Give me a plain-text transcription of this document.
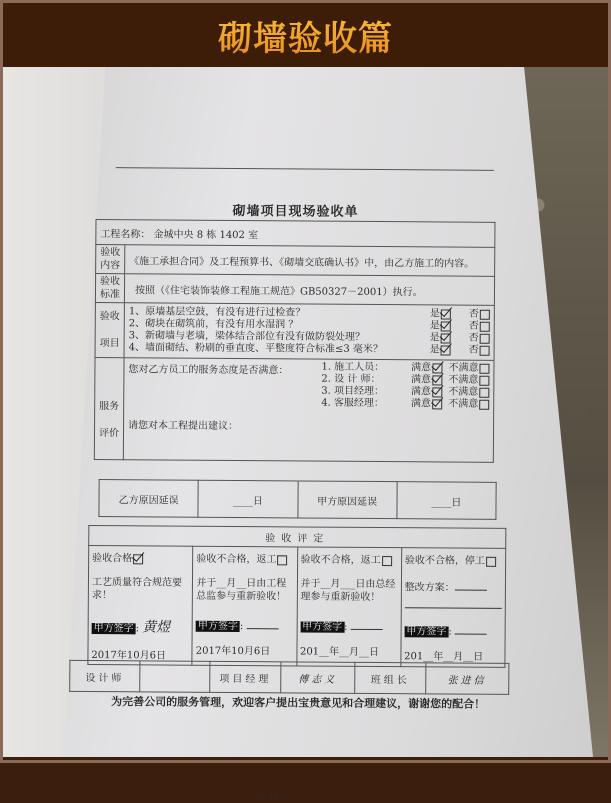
砌墙验收篇
砌墙项目现场验收单
工程名称： 金城中央 8 栋 1402 室	
验收内容	《施工承担合同》及工程预算书、《砌墙交底确认书》中，由乙方施工的内容。
验收标准	按照（《住宅装饰装修工程施工规范》GB50327－2001）执行。

验收
项目

1、原墙基层空鼓，有没有进行过检查？	是	否
2、砌块在砌筑前，有没有用水湿润 ？	是	否
3、新砌墙与老墙，梁体结合部位有没有做防裂处理？	是	否
4、墙面砌结、粉刷的垂直度、平整度符合标准≤3 毫米？	是	否

服务
评价

您对乙方员工的服务态度是否满意：	1. 施工人员：	满意 不满意
2. 设 计 师：	满意 不满意
3. 项目经理：	满意 不满意
4. 客服经理：	满意 不满意
请您对本工程提出建议：
乙方原因延误	____日	甲方原因延误	____日
验收评定

验收合格
工艺质量符合规范要求！
甲方签字 : 黄煜
2017年10月6日

验收不合格，返工
并于__月__日由工程总监参与重新验收！
甲方签字 :
2017年10月6日

验收不合格，返工
并于__月___日由总经理参与重新验收！
甲方签字 :
201__年__月__日

验收不合格，停工
整改方案：
甲方签字 :
201__年__月__日
设计师		项目经理	傅志义	班组长	张进信
为完善公司的服务管理，欢迎客户提出宝贵意见和合理建议，谢谢您的配合！
第 11页
